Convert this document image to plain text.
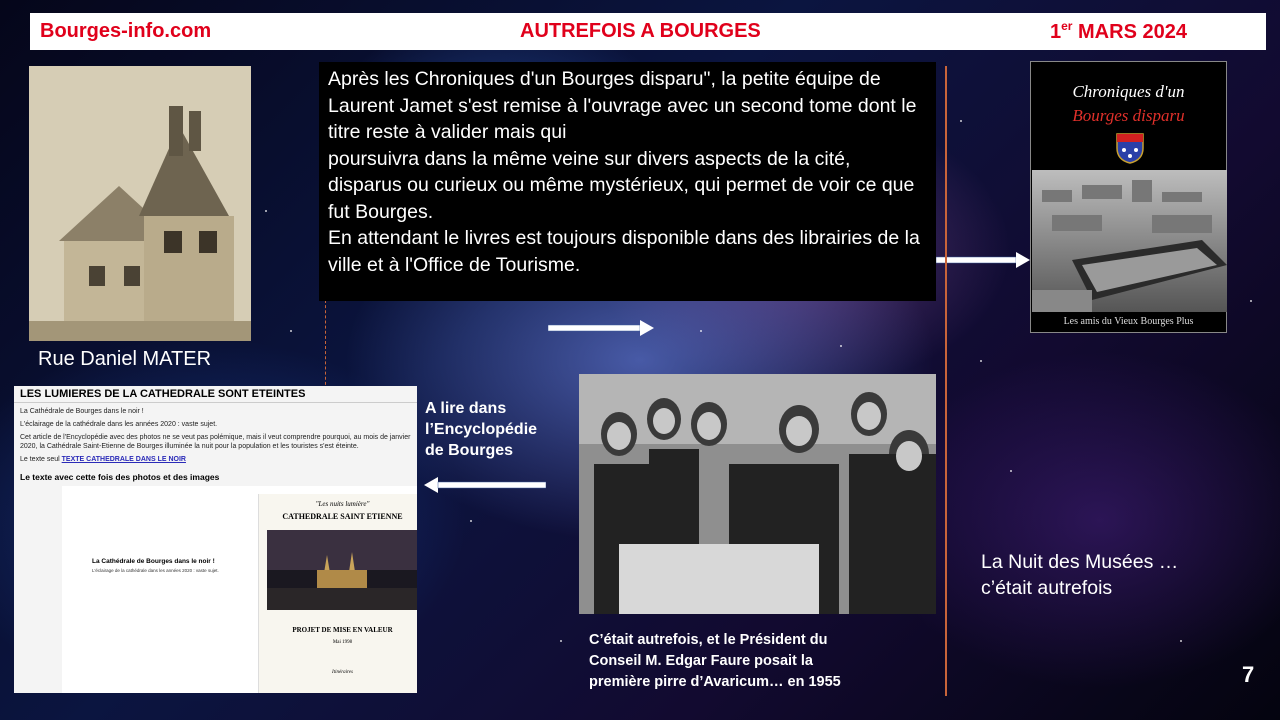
Bourges-info.com	AUTREFOIS A BOURGES	1er MARS 2024
Rue Daniel MATER

Après les Chroniques d'un Bourges disparu", la petite équipe de Laurent Jamet s'est remise à l'ouvrage avec un second tome dont le titre reste à valider mais qui
poursuivra dans la même veine sur divers aspects de la cité, disparus ou curieux ou même mystérieux, qui permet de voir ce que fut Bourges.
En attendant le livres est toujours disponible dans des librairies de la ville et à l'Office de Tourisme.

Chroniques d'un
Bourges disparu
Les amis du Vieux Bourges Plus
LES LUMIERES DE LA CATHEDRALE SONT ETEINTES
La Cathédrale de Bourges dans le noir !
L'éclairage de la cathédrale dans les années 2020 : vaste sujet.
Cet article de l'Encyclopédie avec des photos ne se veut pas polémique, mais il veut comprendre pourquoi, au mois de janvier 2020, la Cathédrale Saint-Etienne de Bourges illuminée la nuit pour la population et les touristes s'est éteinte.
Le texte seul TEXTE CATHEDRALE DANS LE NOIR
Le texte avec cette fois des photos et des images
La Cathédrale de Bourges dans le noir !
L'éclairage de la cathédrale dans les années 2020 : vaste sujet.
"Les nuits lumière"
CATHEDRALE SAINT ETIENNE
PROJET DE MISE EN VALEUR
Mai 1998
Itinéraires
A lire dans
l’Encyclopédie
de Bourges
C’était autrefois, et le Président du
Conseil M. Edgar Faure posait la
première pirre d’Avaricum… en 1955
La Nuit des Musées …
c’était autrefois
7
